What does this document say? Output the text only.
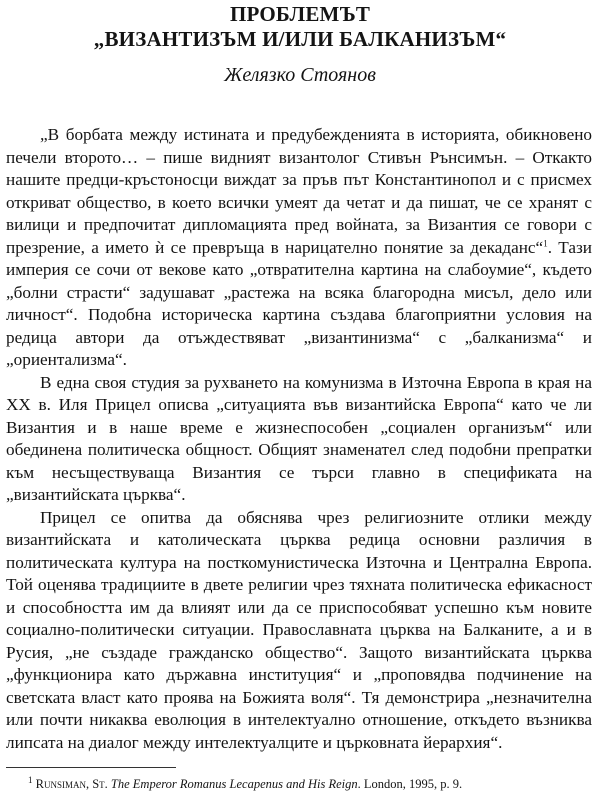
ПРОБЛЕМЪТ
„ВИЗАНТИЗЪМ И/ИЛИ БАЛКАНИЗЪМ“
Желязко Стоянов

„В борбата между истината и предубежденията в историята, обикновено печели второто… – пише видният византолог Стивън Рънсимън. – Откакто нашите предци-кръстоносци виждат за пръв път Константинопол и с присмех откриват общество, в което всички умеят да четат и да пишат, че се хранят с вилици и предпочитат дипломацията пред войната, за Византия се говори с презрение, а името ѝ се превръща в нарицателно понятие за декаданс“$^1$. Тази империя се сочи от векове като „отвратителна картина на слабоумие“, където „болни страсти“ задушават „растежа на всяка благородна мисъл, дело или личност“. Подобна историческа картина създава благоприятни условия на редица автори да отъждествяват „византинизма“ с „балканизма“ и „ориентализма“.

В една своя студия за рухването на комунизма в Източна Европа в края на XX в. Иля Прицел описва „ситуацията във византийска Европа“ като че ли Византия и в наше време е жизнеспособен „социален организъм“ или обединена политическа общност. Общият знаменател след подобни препратки към несъществуваща Византия се търси главно в спецификата на „византийската църква“.

Прицел се опитва да обяснява чрез религиозните отлики между византийската и католическата църква редица основни различия в политическата култура на посткомунистическа Източна и Централна Европа. Той оценява традициите в двете религии чрез тяхната политическа ефикасност и способността им да влияят или да се приспособяват успешно към новите социално-политически ситуации. Православната църква на Балканите, а и в Русия, „не създаде гражданско общество“. Защото византийската църква „функционира като държавна институция“ и „проповядва подчинение на светската власт като проява на Божията воля“. Тя демонстрира „незначителна или почти никаква еволюция в интелектуално отношение, откъдето възниква липсата на диалог между интелектуалците и църковната йерархия“.

$^1$ Runsiman, St. The Emperor Romanus Lecapenus and His Reign. London, 1995, p. 9.
